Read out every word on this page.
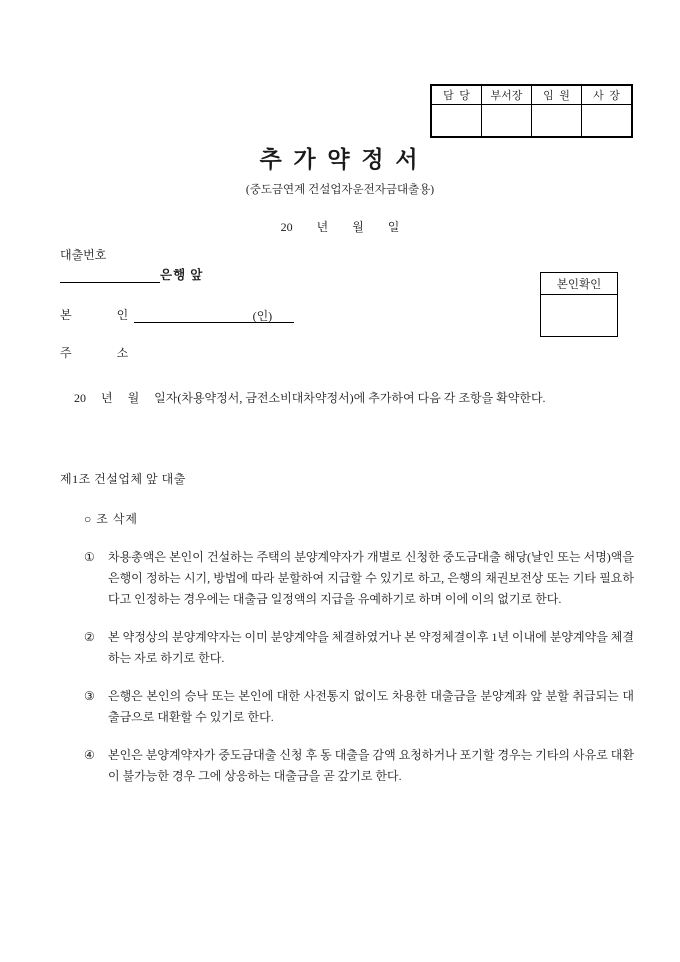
담  당	부서장	임  원	사  장

추 가 약 정 서
(중도금연계 건설업자운전자금대출용)
20        년        월        일
대출번호
은행 앞
본인확인
본               인	(인)
주               소
20     년     월     일자(차용약정서, 금전소비대차약정서)에 추가하여 다음 각 조항을 확약한다.
제1조 건설업체 앞 대출
○ 조 삭제
①	차용총액은 본인이 건설하는 주택의 분양계약자가 개별로 신청한 중도금대출 해당(날인 또는 서명)액을 은행이 정하는 시기, 방법에 따라 분할하여 지급할 수 있기로 하고, 은행의 채권보전상 또는 기타 필요하다고 인정하는 경우에는 대출금 일정액의 지급을 유예하기로 하며 이에 이의 없기로 한다.
②	본 약정상의 분양계약자는 이미 분양계약을 체결하였거나 본 약정체결이후 1년 이내에 분양계약을 체결하는 자로 하기로 한다.
③	은행은 본인의 승낙 또는 본인에 대한 사전통지 없이도 차용한 대출금을 분양계좌 앞 분할 취급되는 대출금으로 대환할 수 있기로 한다.
④	본인은 분양계약자가 중도금대출 신청 후 동 대출을 감액 요청하거나 포기할 경우는 기타의 사유로 대환이 불가능한 경우 그에 상응하는 대출금을 곧 갚기로 한다.
